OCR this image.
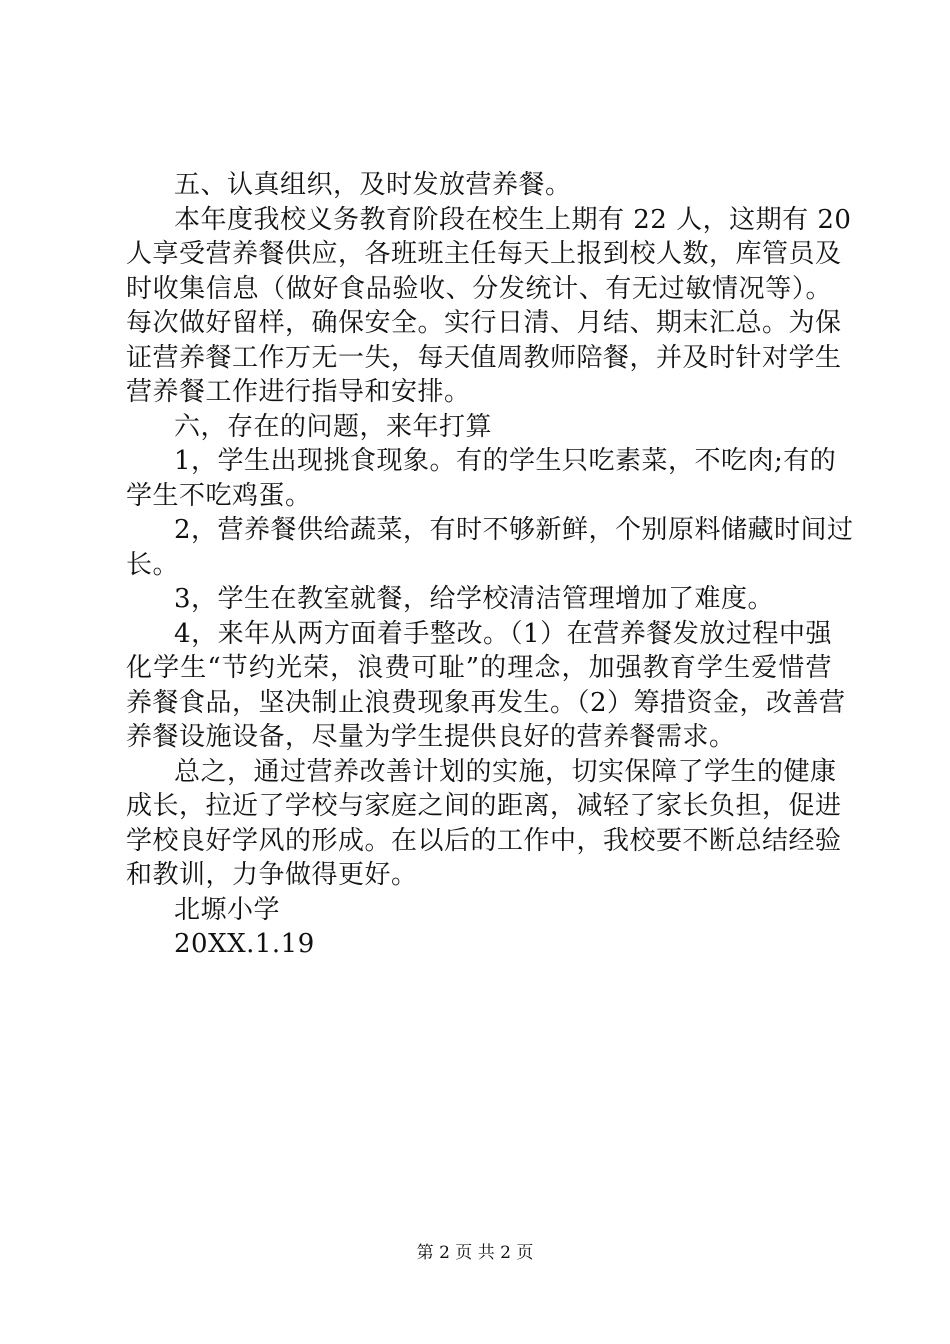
五、认真组织，及时发放营养餐。
本年度我校义务教育阶段在校生上期有 22 人，这期有 20
人享受营养餐供应，各班班主任每天上报到校人数，库管员及
时收集信息（做好食品验收、分发统计、有无过敏情况等）。
每次做好留样，确保安全。实行日清、月结、期末汇总。为保
证营养餐工作万无一失，每天值周教师陪餐，并及时针对学生
营养餐工作进行指导和安排。
六，存在的问题，来年打算
1，学生出现挑食现象。有的学生只吃素菜，不吃肉;有的
学生不吃鸡蛋。
2，营养餐供给蔬菜，有时不够新鲜，个别原料储藏时间过
长。
3，学生在教室就餐，给学校清洁管理增加了难度。
4，来年从两方面着手整改。（1）在营养餐发放过程中强
化学生“节约光荣，浪费可耻”的理念，加强教育学生爱惜营
养餐食品，坚决制止浪费现象再发生。（2）筹措资金，改善营
养餐设施设备，尽量为学生提供良好的营养餐需求。
总之，通过营养改善计划的实施，切实保障了学生的健康
成长，拉近了学校与家庭之间的距离，减轻了家长负担，促进
学校良好学风的形成。在以后的工作中，我校要不断总结经验
和教训，力争做得更好。
北塬小学
20XX.1.19
第 2 页 共 2 页
